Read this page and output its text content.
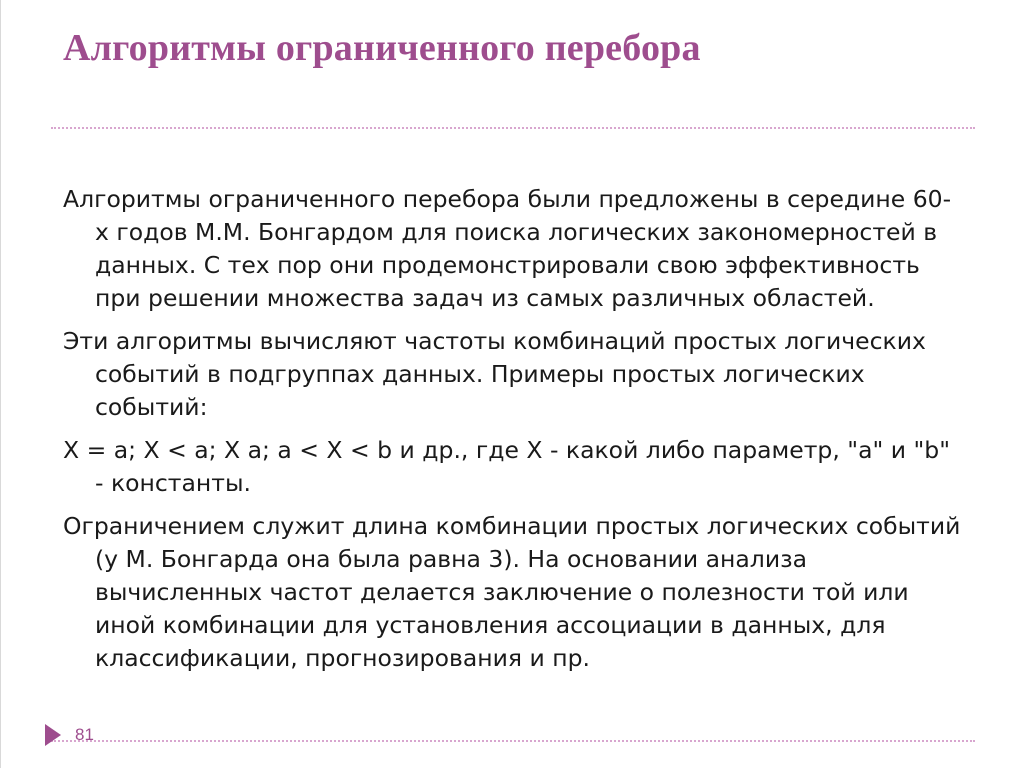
Алгоритмы ограниченного перебора

Алгоритмы ограниченного перебора были предложены в середине 60-х годов М.М. Бонгардом для поиска логических закономерностей в данных. С тех пор они продемонстрировали свою эффективность при решении множества задач из самых различных областей.

Эти алгоритмы вычисляют частоты комбинаций простых логических событий в подгруппах данных. Примеры простых логических событий:

X = a; X < a; X a; a < X < b и др., где X - какой либо параметр, "a" и "b" - константы.

Ограничением служит длина комбинации простых логических событий (у М. Бонгарда она была равна 3). На основании анализа вычисленных частот делается заключение о полезности той или иной комбинации для установления ассоциации в данных, для классификации, прогнозирования и пр.

81
